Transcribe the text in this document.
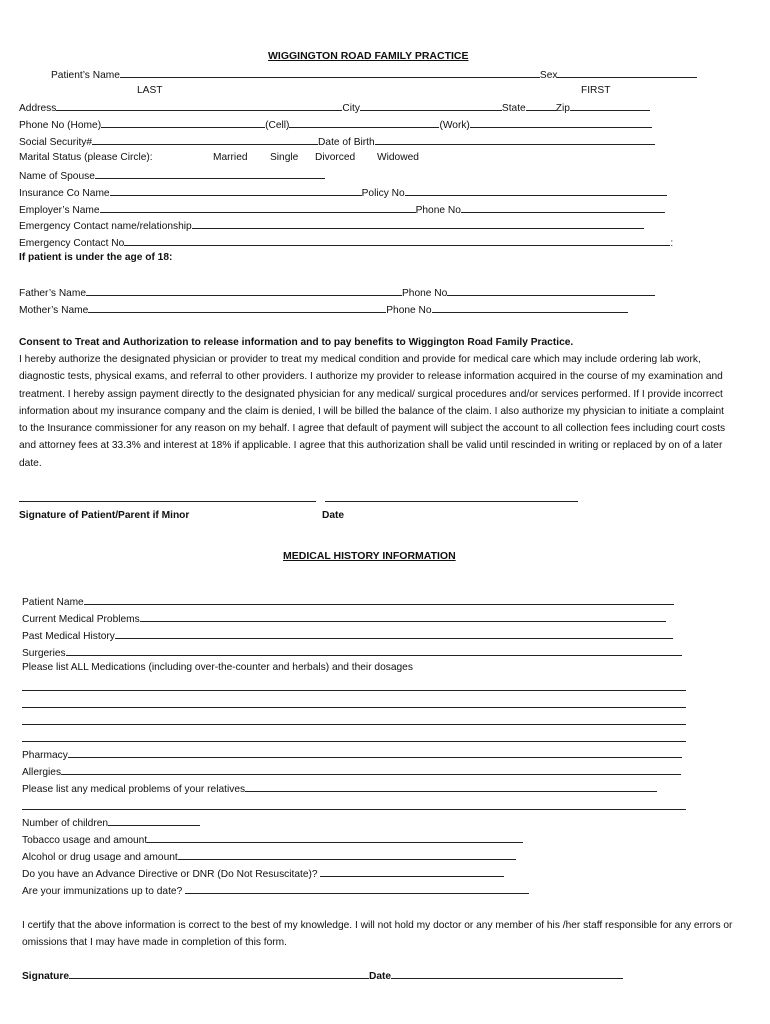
WIGGINGTON ROAD FAMILY PRACTICE
Patient’s Name	Sex
LAST	FIRST
Address	City	State	Zip
Phone No (Home)	(Cell)	(Work)
Social Security#	Date of Birth
Marital Status (please Circle):	Married Single Divorced Widowed
Name of Spouse
Insurance Co Name	Policy No
Employer’s Name	Phone No
Emergency Contact name/relationship
Emergency Contact No	:
If patient is under the age of 18:
Father’s Name	Phone No
Mother’s Name	Phone No
Consent to Treat and Authorization to release information and to pay benefits to Wiggington Road Family Practice.
I hereby authorize the designated physician or provider to treat my medical condition and provide for medical care which may include ordering lab work, diagnostic tests, physical exams, and referral to other providers. I authorize my provider to release information acquired in the course of my examination and treatment. I hereby assign payment directly to the designated physician for any medical/ surgical procedures and/or services performed. If I provide incorrect information about my insurance company and the claim is denied, I will be billed the balance of the claim. I also authorize my physician to initiate a complaint to the Insurance commissioner for any reason on my behalf. I agree that default of payment will subject the account to all collection fees including court costs and attorney fees at 33.3% and interest at 18% if applicable. I agree that this authorization shall be valid until rescinded in writing or replaced by on of a later date.
Signature of Patient/Parent if Minor	Date
MEDICAL HISTORY INFORMATION
Patient Name
Current Medical Problems
Past Medical History
Surgeries
Please list ALL Medications (including over-the-counter and herbals) and their dosages
Pharmacy
Allergies
Please list any medical problems of your relatives
Number of children
Tobacco usage and amount
Alcohol or drug usage and amount
Do you have an Advance Directive or DNR (Do Not Resuscitate)?
Are your immunizations up to date?
I certify that the above information is correct to the best of my knowledge. I will not hold my doctor or any member of his /her staff responsible for any errors or omissions that I may have made in completion of this form.
Signature	Date
